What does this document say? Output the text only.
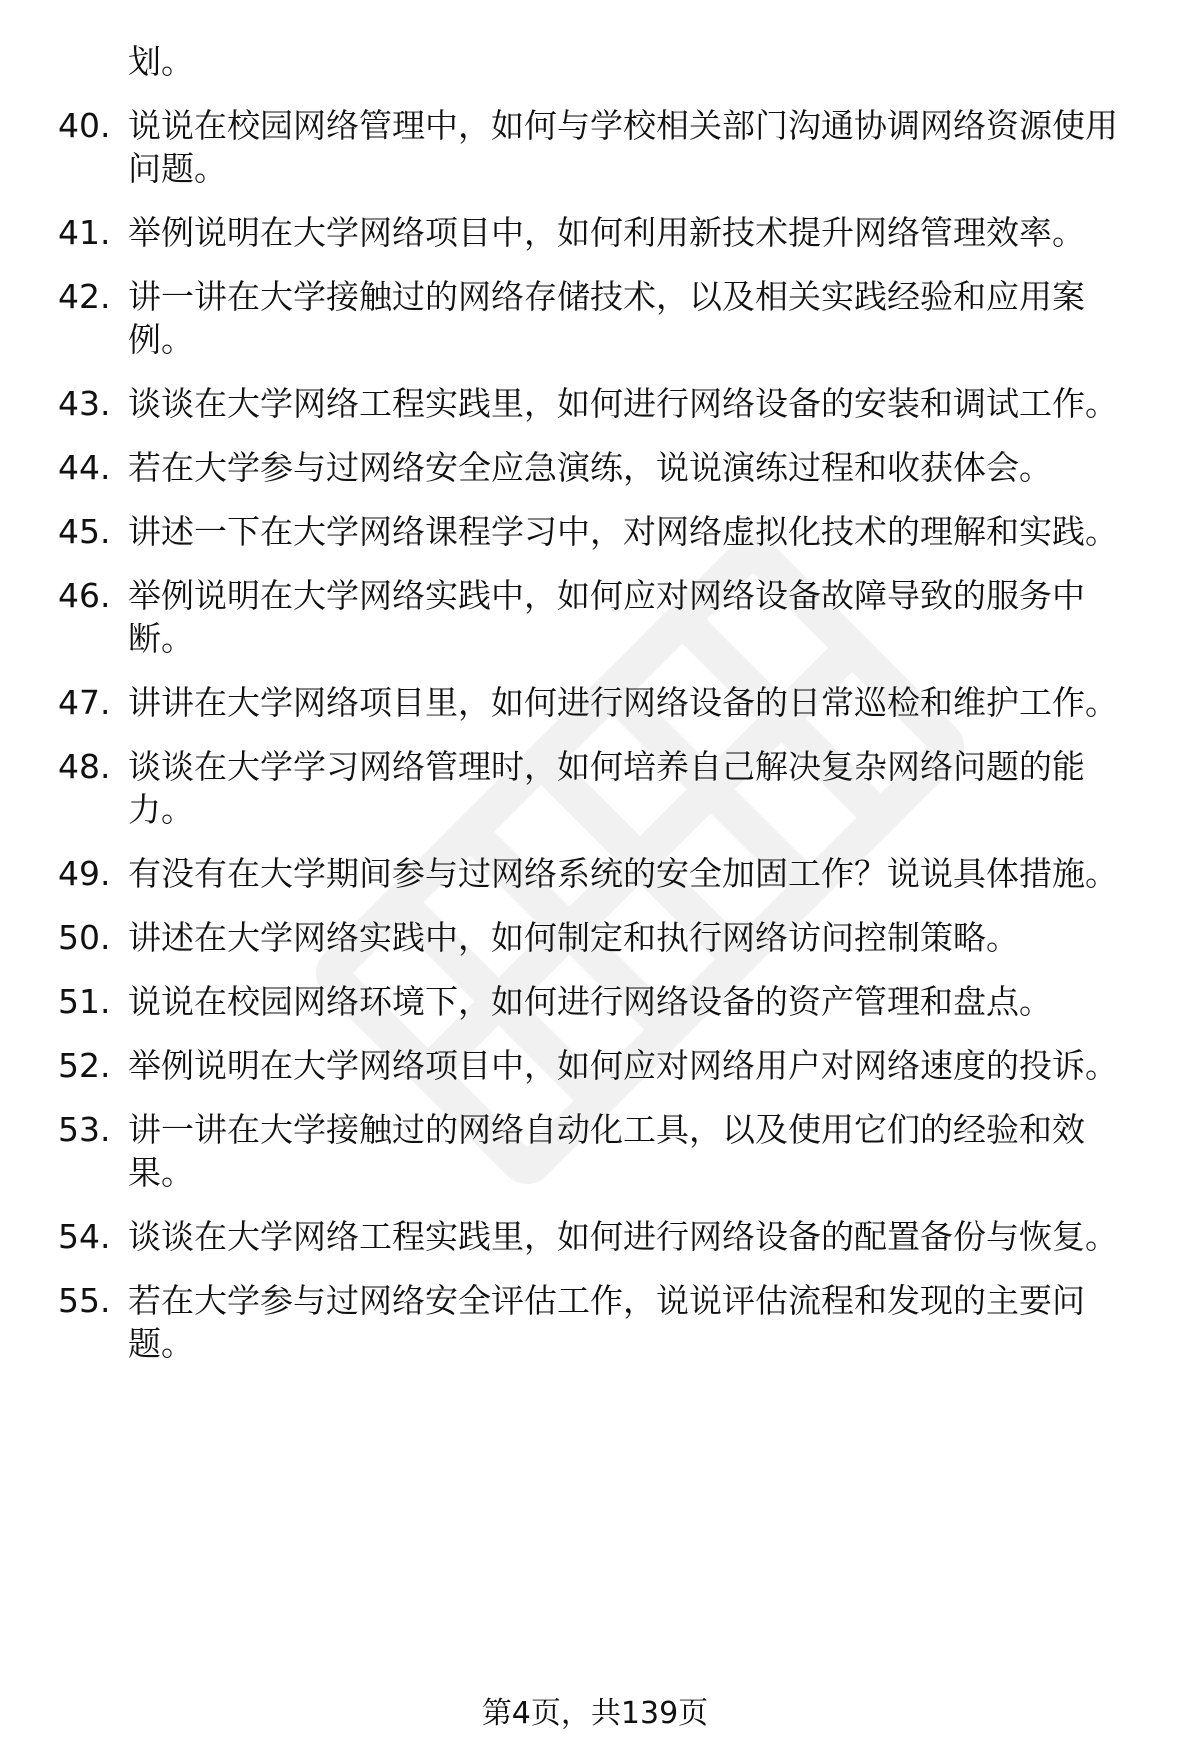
划。
40. 说说在校园网络管理中，如何与学校相关部门沟通协调网络资源使用问题。
41. 举例说明在大学网络项目中，如何利用新技术提升网络管理效率。
42. 讲一讲在大学接触过的网络存储技术，以及相关实践经验和应用案例。
43. 谈谈在大学网络工程实践里，如何进行网络设备的安装和调试工作。
44. 若在大学参与过网络安全应急演练，说说演练过程和收获体会。
45. 讲述一下在大学网络课程学习中，对网络虚拟化技术的理解和实践。
46. 举例说明在大学网络实践中，如何应对网络设备故障导致的服务中断。
47. 讲讲在大学网络项目里，如何进行网络设备的日常巡检和维护工作。
48. 谈谈在大学学习网络管理时，如何培养自己解决复杂网络问题的能力。
49. 有没有在大学期间参与过网络系统的安全加固工作？说说具体措施。
50. 讲述在大学网络实践中，如何制定和执行网络访问控制策略。
51. 说说在校园网络环境下，如何进行网络设备的资产管理和盘点。
52. 举例说明在大学网络项目中，如何应对网络用户对网络速度的投诉。
53. 讲一讲在大学接触过的网络自动化工具，以及使用它们的经验和效果。
54. 谈谈在大学网络工程实践里，如何进行网络设备的配置备份与恢复。
55. 若在大学参与过网络安全评估工作，说说评估流程和发现的主要问题。
第4页，共139页
